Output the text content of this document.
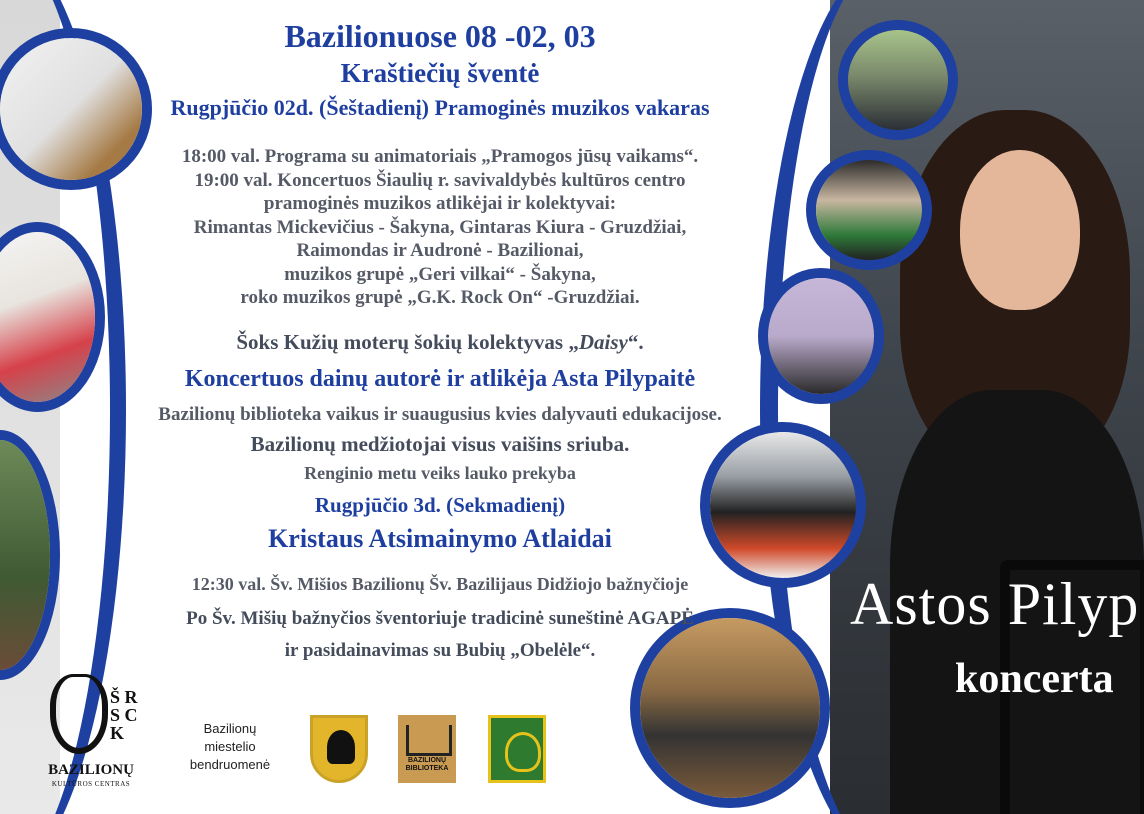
Bazilionuose 08 -02, 03
Kraštiečių šventė
Rugpjūčio 02d. (Šeštadienį) Pramoginės muzikos vakaras
18:00 val. Programa su animatoriais „Pramogos jūsų vaikams“.
19:00 val. Koncertuos Šiaulių r. savivaldybės kultūros centro
pramoginės muzikos atlikėjai ir kolektyvai:
Rimantas Mickevičius - Šakyna, Gintaras Kiura - Gruzdžiai,
Raimondas ir Audronė - Bazilionai,
muzikos grupė „Geri vilkai“ - Šakyna,
roko muzikos grupė „G.K. Rock On“ -Gruzdžiai.
Šoks Kužių moterų šokių kolektyvas „Daisy“.
Koncertuos dainų autorė ir atlikėja Asta Pilypaitė
Bazilionų biblioteka vaikus ir suaugusius kvies dalyvauti edukacijose.
Bazilionų medžiotojai visus vaišins sriuba.
Renginio metu veiks lauko prekyba
Rugpjūčio 3d. (Sekmadienį)
Kristaus Atsimainymo Atlaidai
12:30 val. Šv. Mišios Bazilionų Šv. Bazilijaus Didžiojo bažnyčioje
Po Šv. Mišių bažnyčios šventoriuje tradicinė suneštinė AGAPĖ
ir pasidainavimas su Bubių „Obelėle“.
Astos Pilyp
koncerta
Š R S C K
BAZILIONŲ
KULTŪROS CENTRAS
Bazilionų
miestelio
bendruomenė	BAZILIONŲ BIBLIOTEKA
